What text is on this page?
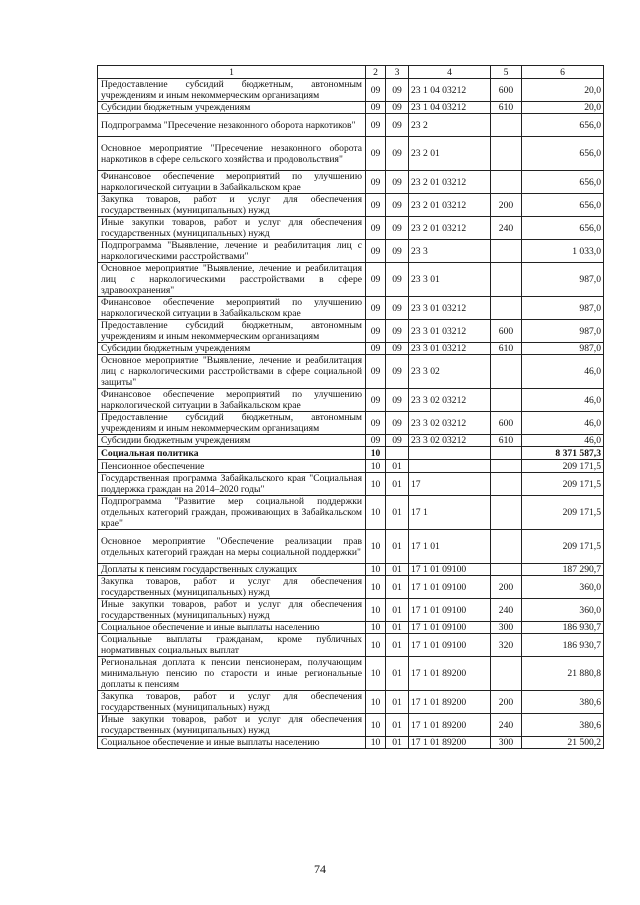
1	2	3	4	5	6
Предоставление субсидий бюджетным, автономным учреждениям и иным некоммерческим организациям	09	09	23 1 04 03212	600	20,0
Субсидии бюджетным учреждениям	09	09	23 1 04 03212	610	20,0
Подпрограмма "Пресечение незаконного оборота наркотиков"	09	09	23 2		656,0
Основное мероприятие "Пресечение незаконного оборота наркотиков в сфере сельского хозяйства и продовольствия"	09	09	23 2 01		656,0
Финансовое обеспечение мероприятий по улучшению наркологической ситуации в Забайкальском крае	09	09	23 2 01 03212		656,0
Закупка товаров, работ и услуг для обеспечения государственных (муниципальных) нужд	09	09	23 2 01 03212	200	656,0
Иные закупки товаров, работ и услуг для обеспечения государственных (муниципальных) нужд	09	09	23 2 01 03212	240	656,0
Подпрограмма "Выявление, лечение и реабилитация лиц с наркологическими расстройствами"	09	09	23 3		1 033,0
Основное мероприятие "Выявление, лечение и реабилитация лиц с наркологическими расстройствами в сфере здравоохранения"	09	09	23 3 01		987,0
Финансовое обеспечение мероприятий по улучшению наркологической ситуации в Забайкальском крае	09	09	23 3 01 03212		987,0
Предоставление субсидий бюджетным, автономным учреждениям и иным некоммерческим организациям	09	09	23 3 01 03212	600	987,0
Субсидии бюджетным учреждениям	09	09	23 3 01 03212	610	987,0
Основное мероприятие "Выявление, лечение и реабилитация лиц с наркологическими расстройствами в сфере социальной защиты"	09	09	23 3 02		46,0
Финансовое обеспечение мероприятий по улучшению наркологической ситуации в Забайкальском крае	09	09	23 3 02 03212		46,0
Предоставление субсидий бюджетным, автономным учреждениям и иным некоммерческим организациям	09	09	23 3 02 03212	600	46,0
Субсидии бюджетным учреждениям	09	09	23 3 02 03212	610	46,0
Социальная политика	10				8 371 587,3
Пенсионное обеспечение	10	01			209 171,5
Государственная программа Забайкальского края "Социальная поддержка граждан на 2014–2020 годы"	10	01	17		209 171,5
Подпрограмма "Развитие мер социальной поддержки отдельных категорий граждан, проживающих в Забайкальском крае"	10	01	17 1		209 171,5
Основное мероприятие "Обеспечение реализации прав отдельных категорий граждан на меры социальной поддержки"	10	01	17 1 01		209 171,5
Доплаты к пенсиям государственных служащих	10	01	17 1 01 09100		187 290,7
Закупка товаров, работ и услуг для обеспечения государственных (муниципальных) нужд	10	01	17 1 01 09100	200	360,0
Иные закупки товаров, работ и услуг для обеспечения государственных (муниципальных) нужд	10	01	17 1 01 09100	240	360,0
Социальное обеспечение и иные выплаты населению	10	01	17 1 01 09100	300	186 930,7
Социальные выплаты гражданам, кроме публичных нормативных социальных выплат	10	01	17 1 01 09100	320	186 930,7
Региональная доплата к пенсии пенсионерам, получающим минимальную пенсию по старости и иные региональные доплаты к пенсиям	10	01	17 1 01 89200		21 880,8
Закупка товаров, работ и услуг для обеспечения государственных (муниципальных) нужд	10	01	17 1 01 89200	200	380,6
Иные закупки товаров, работ и услуг для обеспечения государственных (муниципальных) нужд	10	01	17 1 01 89200	240	380,6
Социальное обеспечение и иные выплаты населению	10	01	17 1 01 89200	300	21 500,2
74
